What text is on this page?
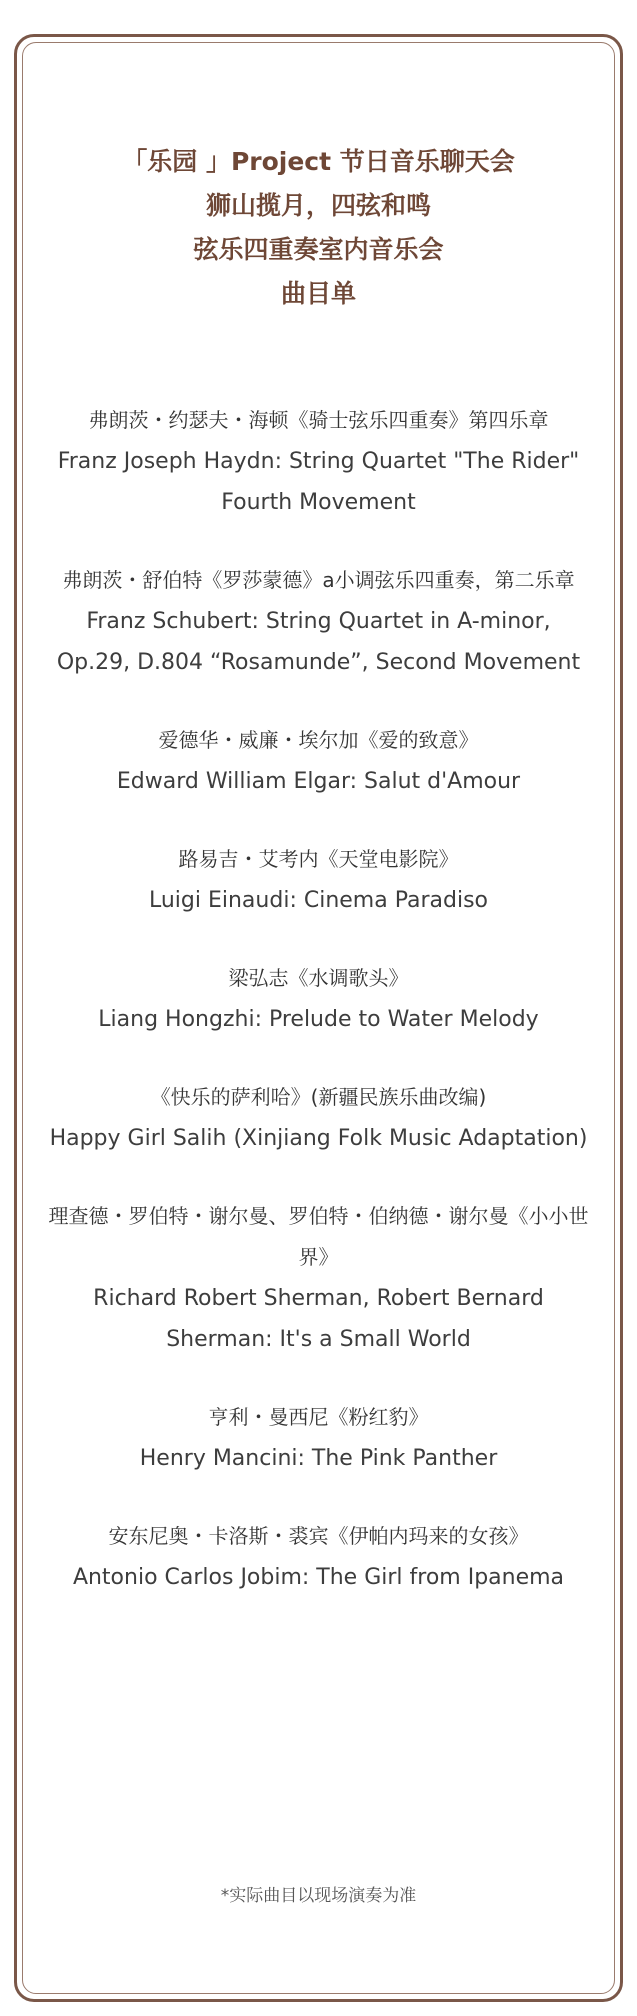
「乐园 」Project 节日音乐聊天会
狮山揽月，四弦和鸣
弦乐四重奏室内音乐会
曲目单
弗朗茨・约瑟夫・海顿《骑士弦乐四重奏》第四乐章
Franz Joseph Haydn: String Quartet "The Rider" Fourth Movement
弗朗茨・舒伯特《罗莎蒙德》a小调弦乐四重奏，第二乐章
Franz Schubert: String Quartet in A-minor, Op.29, D.804 “Rosamunde”, Second Movement
爱德华・威廉・埃尔加《爱的致意》
Edward William Elgar: Salut d'Amour
路易吉・艾考内《天堂电影院》
Luigi Einaudi: Cinema Paradiso
梁弘志《水调歌头》
Liang Hongzhi: Prelude to Water Melody
《快乐的萨利哈》(新疆民族乐曲改编)
Happy Girl Salih (Xinjiang Folk Music Adaptation)
理查德・罗伯特・谢尔曼、罗伯特・伯纳德・谢尔曼《小小世界》
Richard Robert Sherman, Robert Bernard Sherman: It's a Small World
亨利・曼西尼《粉红豹》
Henry Mancini: The Pink Panther
安东尼奥・卡洛斯・裘宾《伊帕内玛来的女孩》
Antonio Carlos Jobim: The Girl from Ipanema
*实际曲目以现场演奏为准
